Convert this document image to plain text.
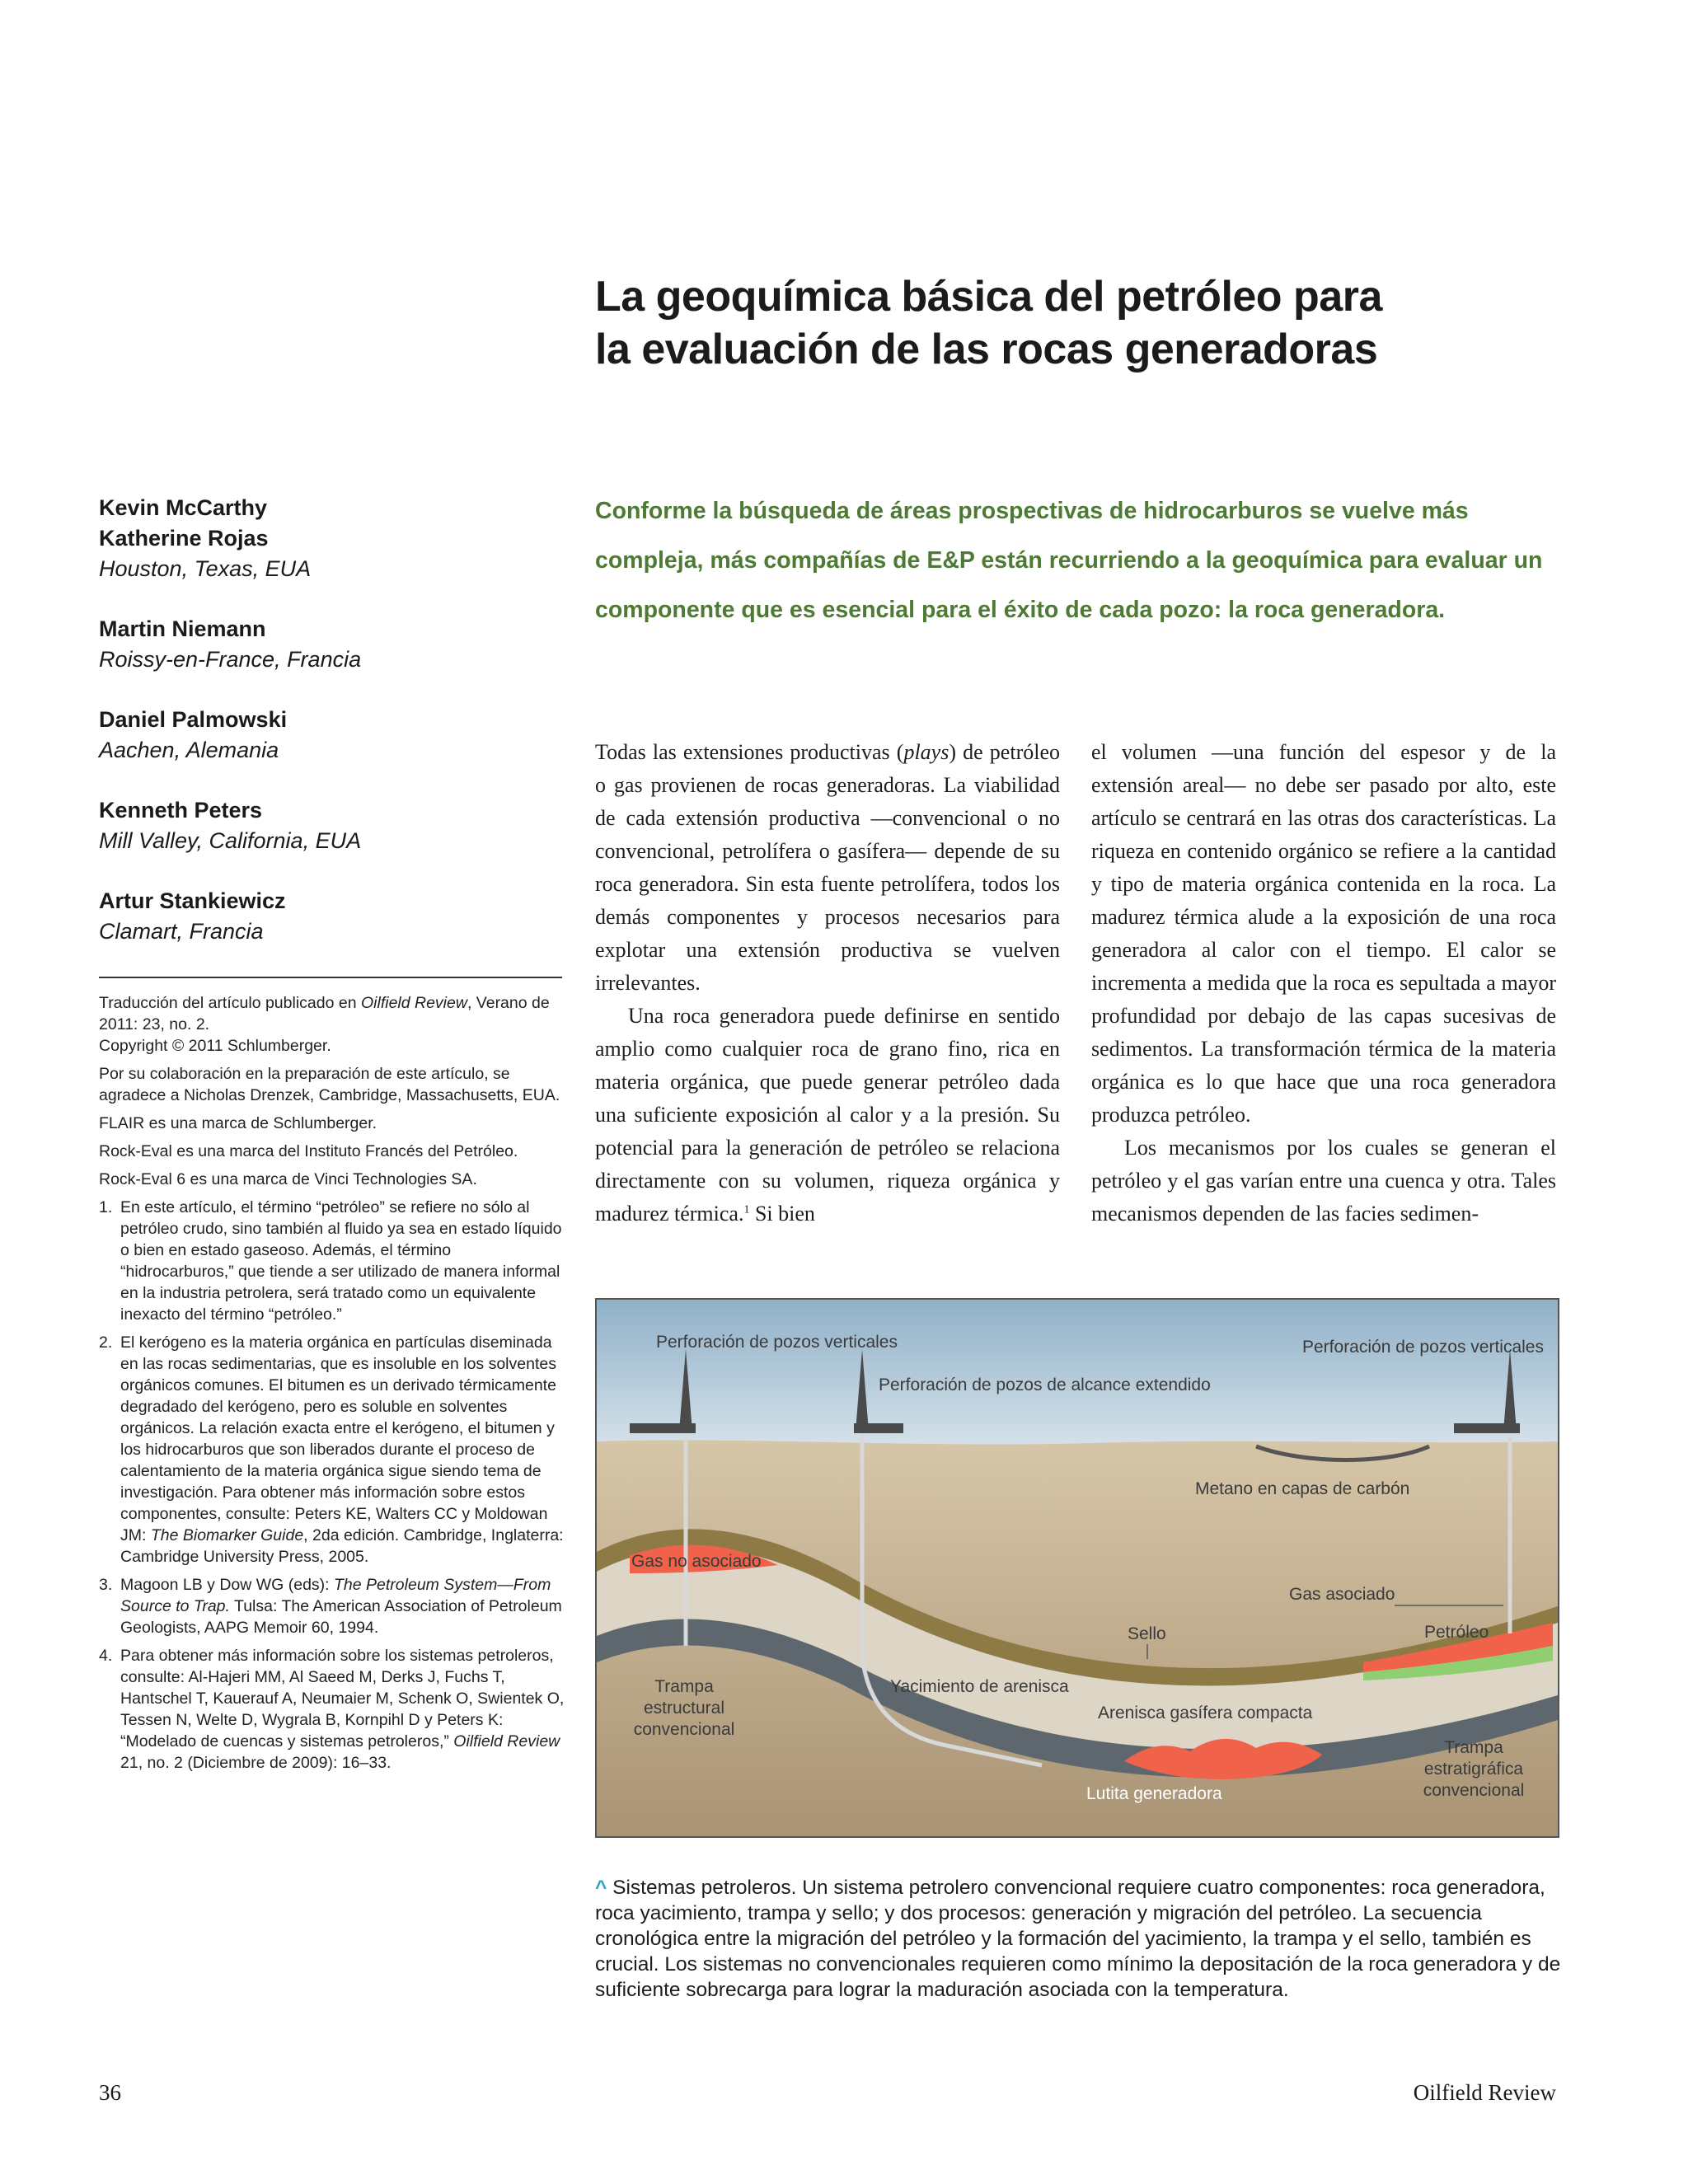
La geoquímica básica del petróleo para
la evaluación de las rocas generadoras

Conforme la búsqueda de áreas prospectivas de hidrocarburos se vuelve más compleja, más compañías de E&P están recurriendo a la geoquímica para evaluar un componente que es esencial para el éxito de cada pozo: la roca generadora.

Kevin McCarthy
Katherine Rojas
Houston, Texas, EUA
Martin Niemann
Roissy-en-France, Francia
Daniel Palmowski
Aachen, Alemania
Kenneth Peters
Mill Valley, California, EUA
Artur Stankiewicz
Clamart, Francia

Traducción del artículo publicado en Oilfield Review, Verano de 2011: 23, no. 2.
Copyright © 2011 Schlumberger.

Por su colaboración en la preparación de este artículo, se agradece a Nicholas Drenzek, Cambridge, Massachusetts, EUA.

FLAIR es una marca de Schlumberger.

Rock-Eval es una marca del Instituto Francés del Petróleo.

Rock-Eval 6 es una marca de Vinci Technologies SA.

1. En este artículo, el término “petróleo” se refiere no sólo al petróleo crudo, sino también al fluido ya sea en estado líquido o bien en estado gaseoso. Además, el término “hidrocarburos,” que tiende a ser utilizado de manera informal en la industria petrolera, será tratado como un equivalente inexacto del término “petróleo.”
2. El kerógeno es la materia orgánica en partículas diseminada en las rocas sedimentarias, que es insoluble en los solventes orgánicos comunes. El bitumen es un derivado térmicamente degradado del kerógeno, pero es soluble en solventes orgánicos. La relación exacta entre el kerógeno, el bitumen y los hidrocarburos que son liberados durante el proceso de calentamiento de la materia orgánica sigue siendo tema de investigación. Para obtener más información sobre estos componentes, consulte: Peters KE, Walters CC y Moldowan JM: The Biomarker Guide, 2da edición. Cambridge, Inglaterra: Cambridge University Press, 2005.
3. Magoon LB y Dow WG (eds): The Petroleum System—From Source to Trap. Tulsa: The American Association of Petroleum Geologists, AAPG Memoir 60, 1994.
4. Para obtener más información sobre los sistemas petroleros, consulte: Al-Hajeri MM, Al Saeed M, Derks J, Fuchs T, Hantschel T, Kauerauf A, Neumaier M, Schenk O, Swientek O, Tessen N, Welte D, Wygrala B, Kornpihl D y Peters K: “Modelado de cuencas y sistemas petroleros,” Oilfield Review 21, no. 2 (Diciembre de 2009): 16–33.

Todas las extensiones productivas (plays) de petróleo o gas provienen de rocas generadoras. La viabilidad de cada extensión productiva —convencional o no convencional, petrolífera o gasífera— depende de su roca generadora. Sin esta fuente petrolífera, todos los demás componentes y procesos necesarios para explotar una extensión productiva se vuelven irrelevantes.

Una roca generadora puede definirse en sentido amplio como cualquier roca de grano fino, rica en materia orgánica, que puede generar petróleo dada una suficiente exposición al calor y a la presión. Su potencial para la generación de petróleo se relaciona directamente con su volumen, riqueza orgánica y madurez térmica.$^1$ Si bien

el volumen —una función del espesor y de la extensión areal— no debe ser pasado por alto, este artículo se centrará en las otras dos características. La riqueza en contenido orgánico se refiere a la cantidad y tipo de materia orgánica contenida en la roca. La madurez térmica alude a la exposición de una roca generadora al calor con el tiempo. El calor se incrementa a medida que la roca es sepultada a mayor profundidad por debajo de las capas sucesivas de sedimentos. La transformación térmica de la materia orgánica es lo que hace que una roca generadora produzca petróleo.

Los mecanismos por los cuales se generan el petróleo y el gas varían entre una cuenca y otra. Tales mecanismos dependen de las facies sedimen-

Perforación de pozos verticales
Perforación de pozos de alcance extendido
Perforación de pozos verticales
Metano en capas de carbón
Gas no asociado
Gas asociado
Sello	Petróleo
Trampa
estructural
convencional
Yacimiento de arenisca
Arenisca gasífera compacta
Lutita generadora
Trampa
estratigráfica
convencional

^ Sistemas petroleros. Un sistema petrolero convencional requiere cuatro componentes: roca generadora, roca yacimiento, trampa y sello; y dos procesos: generación y migración del petróleo. La secuencia cronológica entre la migración del petróleo y la formación del yacimiento, la trampa y el sello, también es crucial. Los sistemas no convencionales requieren como mínimo la depositación de la roca generadora y de suficiente sobrecarga para lograr la maduración asociada con la temperatura.

36	Oilfield Review
